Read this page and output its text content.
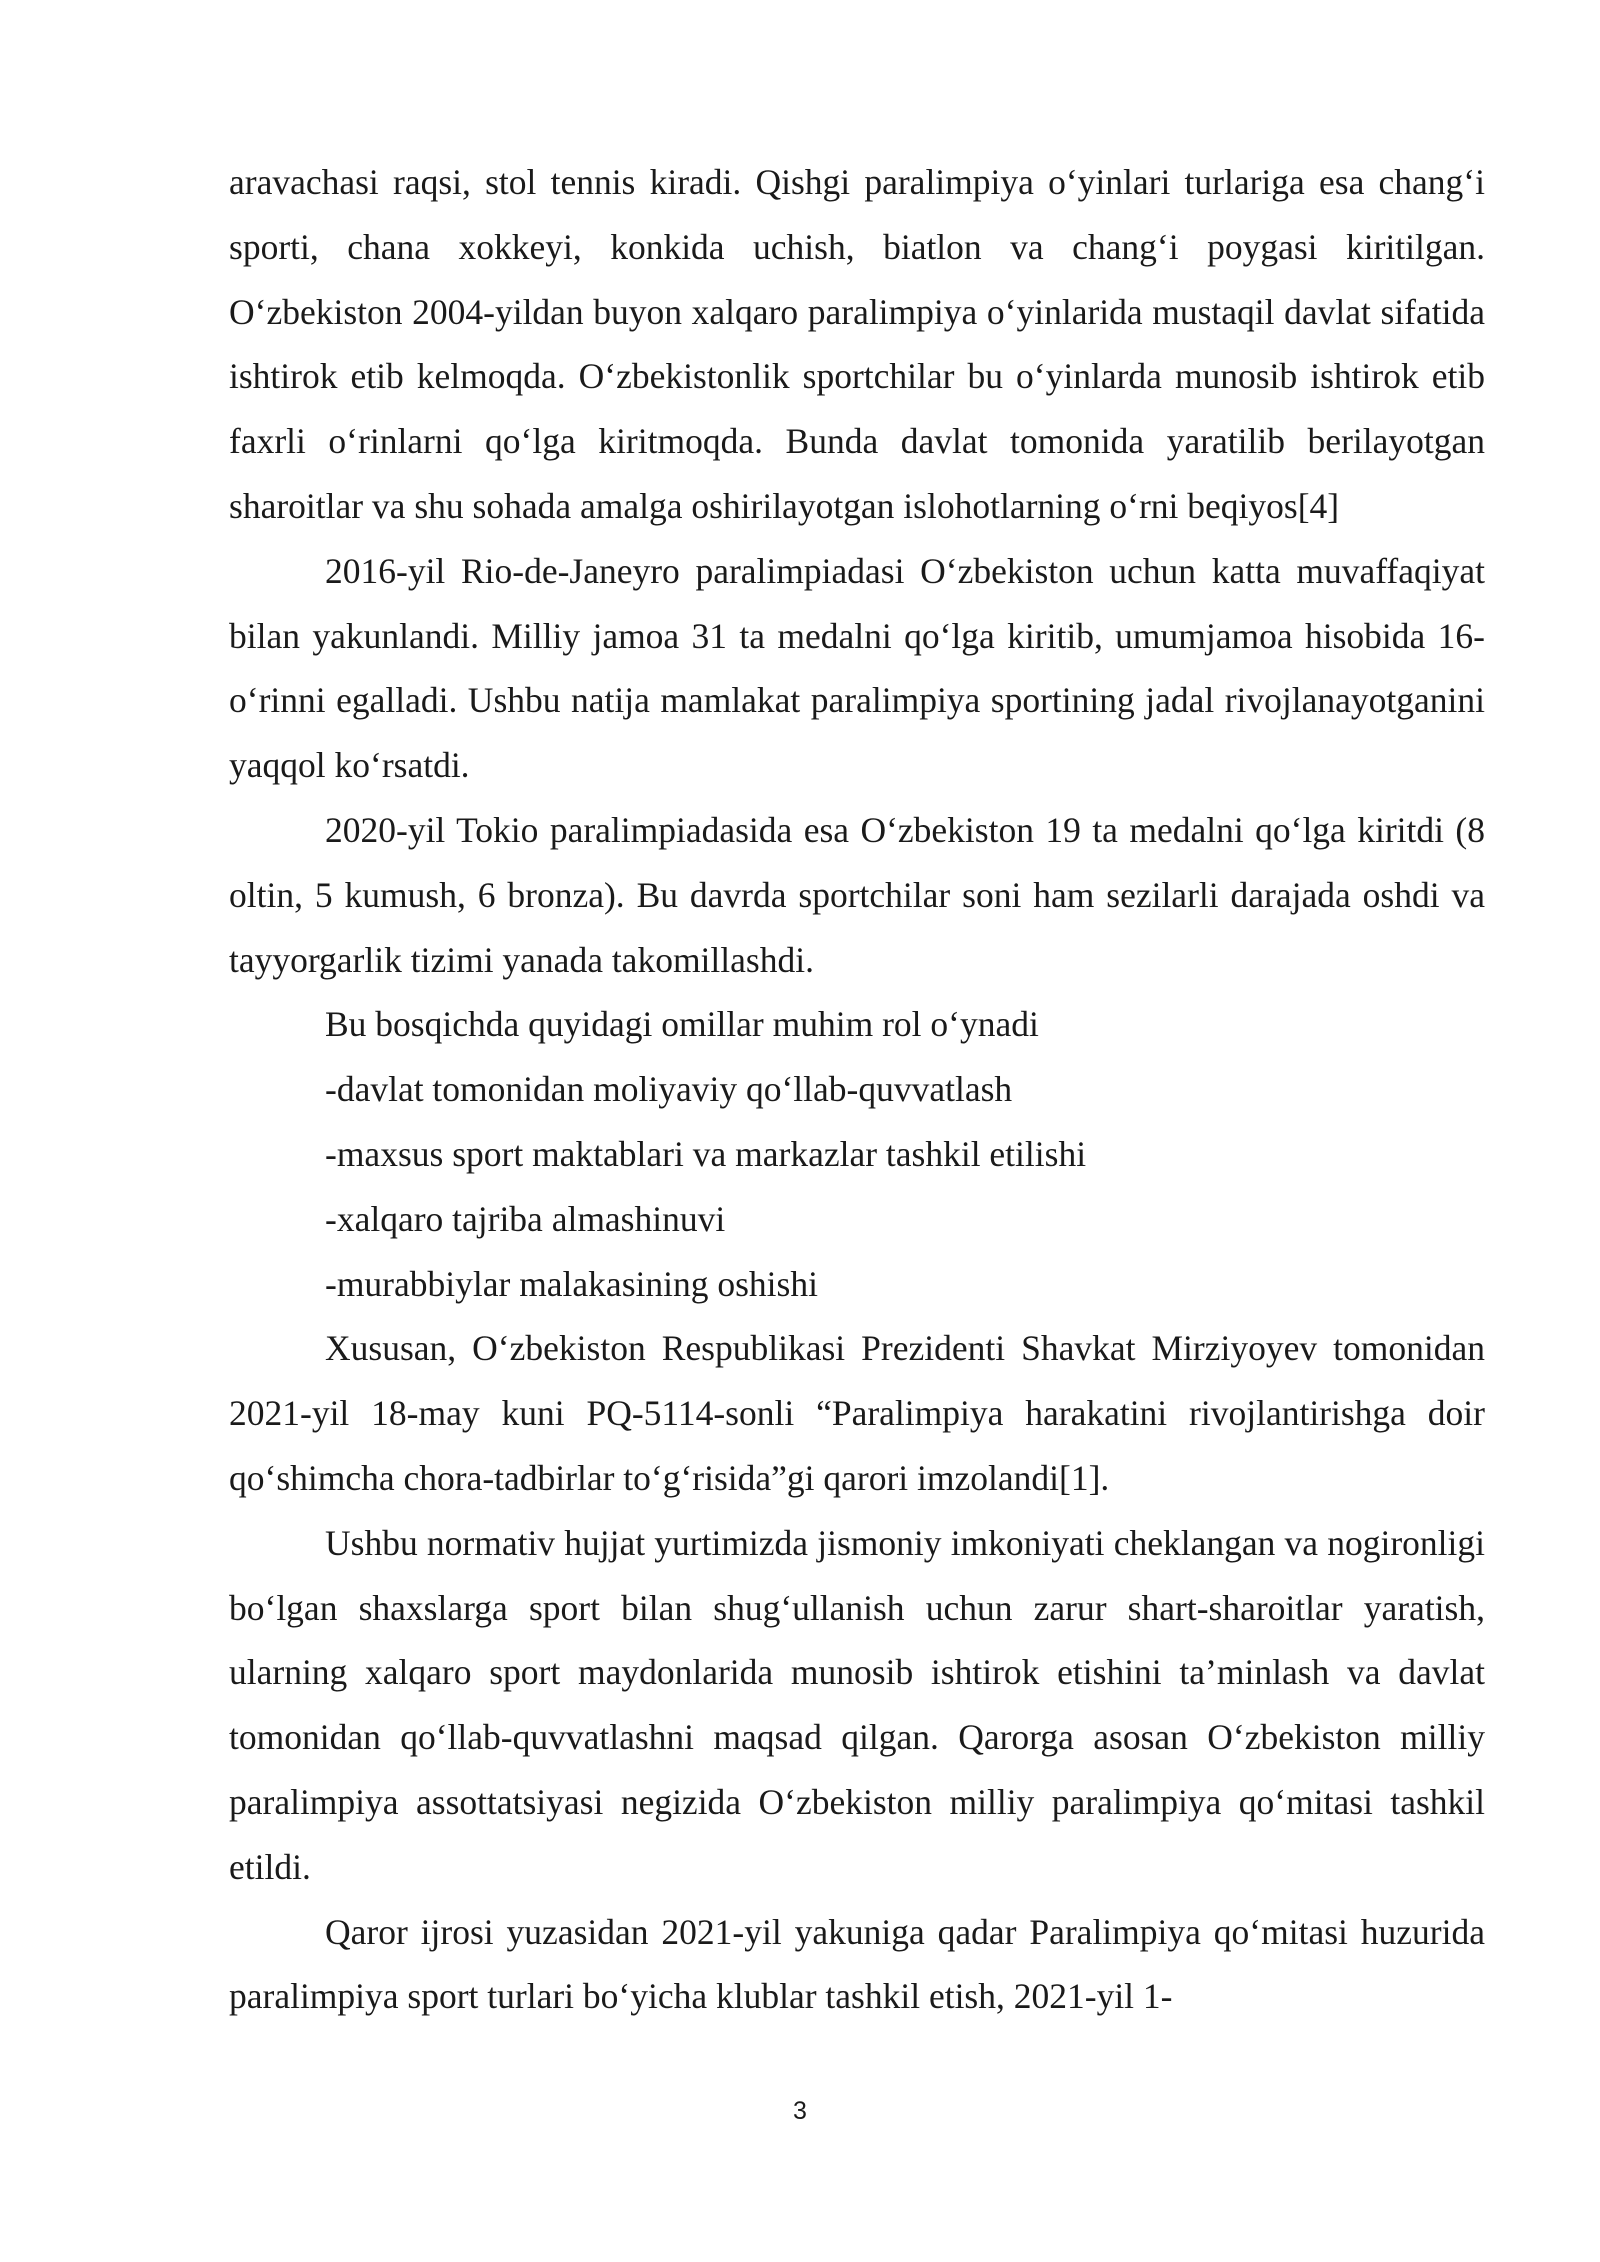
aravachasi raqsi, stol tennis kiradi. Qishgi paralimpiya o‘yinlari turlariga esa chang‘i sporti, chana xokkeyi, konkida uchish, biatlon va chang‘i poygasi kiritilgan. O‘zbekiston 2004-yildan buyon xalqaro paralimpiya o‘yinlarida mustaqil davlat sifatida ishtirok etib kelmoqda. O‘zbekistonlik sportchilar bu o‘yinlarda munosib ishtirok etib faxrli o‘rinlarni qo‘lga kiritmoqda. Bunda davlat tomonida yaratilib berilayotgan sharoitlar va shu sohada amalga oshirilayotgan islohotlarning o‘rni beqiyos[4]

2016-yil Rio-de-Janeyro paralimpiadasi O‘zbekiston uchun katta muvaffaqiyat bilan yakunlandi. Milliy jamoa 31 ta medalni qo‘lga kiritib, umumjamoa hisobida 16-o‘rinni egalladi. Ushbu natija mamlakat paralimpiya sportining jadal rivojlanayotganini yaqqol ko‘rsatdi.

2020-yil Tokio paralimpiadasida esa O‘zbekiston 19 ta medalni qo‘lga kiritdi (8 oltin, 5 kumush, 6 bronza). Bu davrda sportchilar soni ham sezilarli darajada oshdi va tayyorgarlik tizimi yanada takomillashdi.

Bu bosqichda quyidagi omillar muhim rol o‘ynadi

-davlat tomonidan moliyaviy qo‘llab-quvvatlash

-maxsus sport maktablari va markazlar tashkil etilishi

-xalqaro tajriba almashinuvi

-murabbiylar malakasining oshishi

Xususan, O‘zbekiston Respublikasi Prezidenti Shavkat Mirziyoyev tomonidan 2021-yil 18-may kuni PQ-5114-sonli “Paralimpiya harakatini rivojlantirishga doir qo‘shimcha chora-tadbirlar to‘g‘risida”gi qarori imzolandi[1].

Ushbu normativ hujjat yurtimizda jismoniy imkoniyati cheklangan va nogironligi bo‘lgan shaxslarga sport bilan shug‘ullanish uchun zarur shart-sharoitlar yaratish, ularning xalqaro sport maydonlarida munosib ishtirok etishini ta’minlash va davlat tomonidan qo‘llab-quvvatlashni maqsad qilgan. Qarorga asosan O‘zbekiston milliy paralimpiya assottatsiyasi negizida O‘zbekiston milliy paralimpiya qo‘mitasi tashkil etildi.

Qaror ijrosi yuzasidan 2021-yil yakuniga qadar Paralimpiya qo‘mitasi huzurida paralimpiya sport turlari bo‘yicha klublar tashkil etish, 2021-yil 1-

3
